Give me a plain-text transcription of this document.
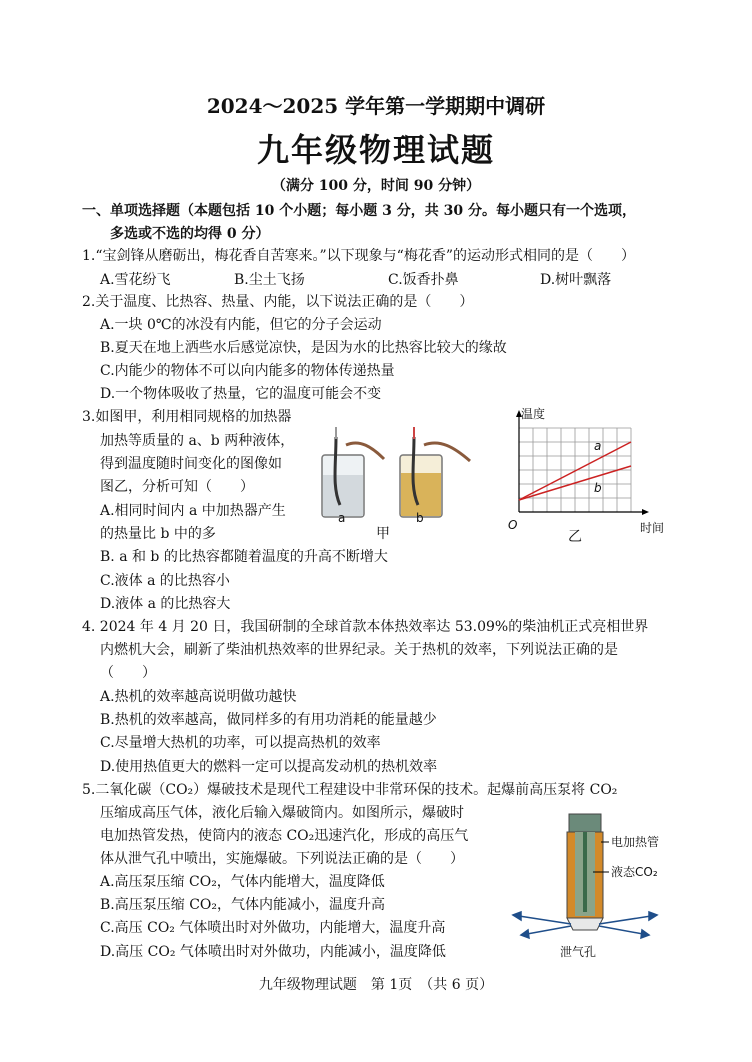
2024～2025 学年第一学期期中调研
九年级物理试题
（满分 100 分，时间 90 分钟）
一、单项选择题（本题包括 10 个小题；每小题 3 分，共 30 分。每小题只有一个选项，
多选或不选的均得 0 分）
1.“宝剑锋从磨砺出，梅花香自苦寒来。”以下现象与“梅花香”的运动形式相同的是（　　）
A.雪花纷飞	B.尘土飞扬	C.饭香扑鼻	D.树叶飘落
2.关于温度、比热容、热量、内能，以下说法正确的是（　　）
A.一块 0℃的冰没有内能，但它的分子会运动
B.夏天在地上洒些水后感觉凉快，是因为水的比热容比较大的缘故
C.内能少的物体不可以向内能多的物体传递热量
D.一个物体吸收了热量，它的温度可能会不变
3.如图甲，利用相同规格的加热器
加热等质量的 a、b 两种液体，
得到温度随时间变化的图像如
图乙，分析可知（　　）
A.相同时间内 a 中加热器产生
的热量比 b 中的多
B. a 和 b 的比热容都随着温度的升高不断增大
C.液体 a 的比热容小
D.液体 a 的比热容大
a	b
甲
温度
a
b
O	时间
乙
4. 2024 年 4 月 20 日，我国研制的全球首款本体热效率达 53.09%的柴油机正式亮相世界
内燃机大会，刷新了柴油机热效率的世界纪录。关于热机的效率，下列说法正确的是
（　　）
A.热机的效率越高说明做功越快
B.热机的效率越高，做同样多的有用功消耗的能量越少
C.尽量增大热机的功率，可以提高热机的效率
D.使用热值更大的燃料一定可以提高发动机的热机效率
5.二氧化碳（CO₂）爆破技术是现代工程建设中非常环保的技术。起爆前高压泵将 CO₂
压缩成高压气体，液化后输入爆破筒内。如图所示，爆破时
电加热管发热，使筒内的液态 CO₂迅速汽化，形成的高压气
体从泄气孔中喷出，实施爆破。下列说法正确的是（　　）
A.高压泵压缩 CO₂，气体内能增大，温度降低
B.高压泵压缩 CO₂，气体内能减小，温度升高
C.高压 CO₂ 气体喷出时对外做功，内能增大，温度升高
D.高压 CO₂ 气体喷出时对外做功，内能减小，温度降低
电加热管
液态CO₂
泄气孔
九年级物理试题　第 1页　（共 6 页）
